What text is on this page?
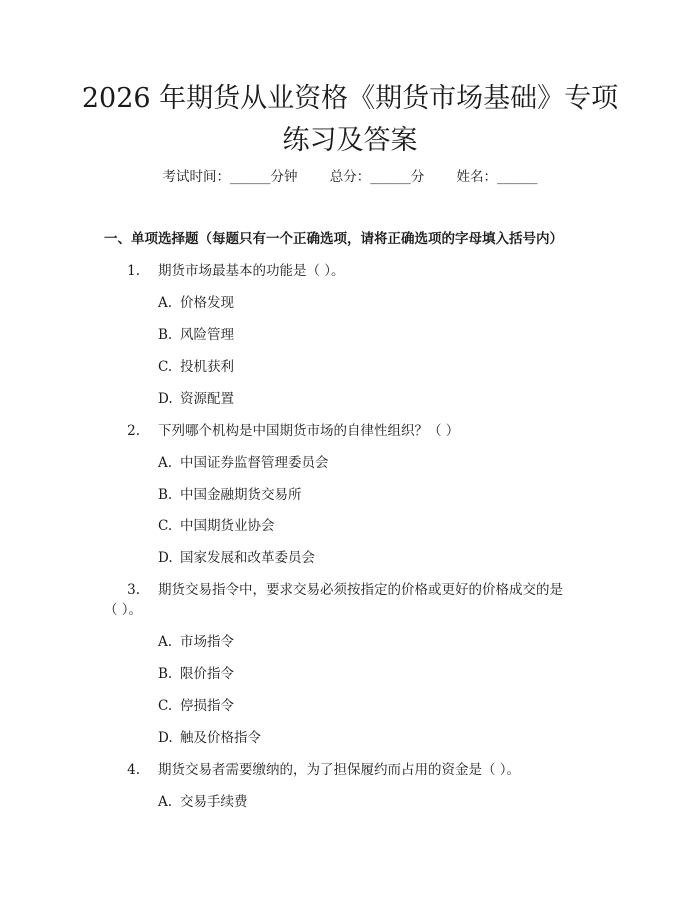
2026 年期货从业资格《期货市场基础》专项
练习及答案
考试时间：______分钟 总分：______分 姓名：______
一、单项选择题（每题只有一个正确选项，请将正确选项的字母填入括号内）
1. 期货市场最基本的功能是（ ）。
A. 价格发现
B. 风险管理
C. 投机获利
D. 资源配置
2. 下列哪个机构是中国期货市场的自律性组织？（ ）
A. 中国证券监督管理委员会
B. 中国金融期货交易所
C. 中国期货业协会
D. 国家发展和改革委员会
3. 期货交易指令中，要求交易必须按指定的价格或更好的价格成交的是
（ ）。
A. 市场指令
B. 限价指令
C. 停损指令
D. 触及价格指令
4. 期货交易者需要缴纳的，为了担保履约而占用的资金是（ ）。
A. 交易手续费
